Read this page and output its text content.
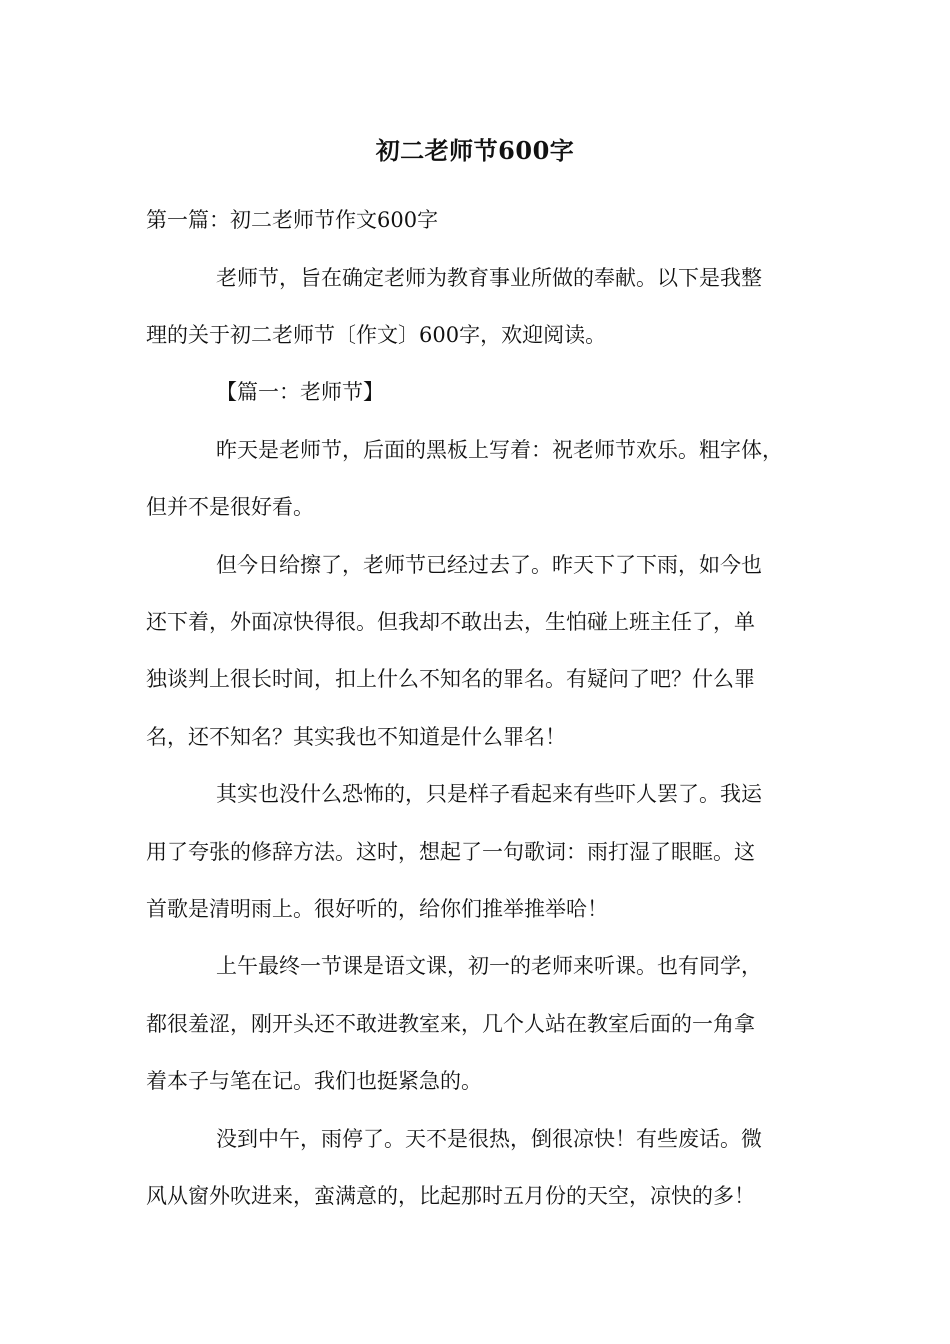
初二老师节600字
第一篇：初二老师节作文600字
老师节，旨在确定老师为教育事业所做的奉献。以下是我整
理的关于初二老师节〔作文〕600字，欢迎阅读。
【篇一：老师节】
昨天是老师节，后面的黑板上写着：祝老师节欢乐。粗字体，
但并不是很好看。
但今日给擦了，老师节已经过去了。昨天下了下雨，如今也
还下着，外面凉快得很。但我却不敢出去，生怕碰上班主任了，单
独谈判上很长时间，扣上什么不知名的罪名。有疑问了吧？什么罪
名，还不知名？其实我也不知道是什么罪名！
其实也没什么恐怖的，只是样子看起来有些吓人罢了。我运
用了夸张的修辞方法。这时，想起了一句歌词：雨打湿了眼眶。这
首歌是清明雨上。很好听的，给你们推举推举哈！
上午最终一节课是语文课，初一的老师来听课。也有同学，
都很羞涩，刚开头还不敢进教室来，几个人站在教室后面的一角拿
着本子与笔在记。我们也挺紧急的。
没到中午，雨停了。天不是很热，倒很凉快！有些废话。微
风从窗外吹进来，蛮满意的，比起那时五月份的天空，凉快的多！
